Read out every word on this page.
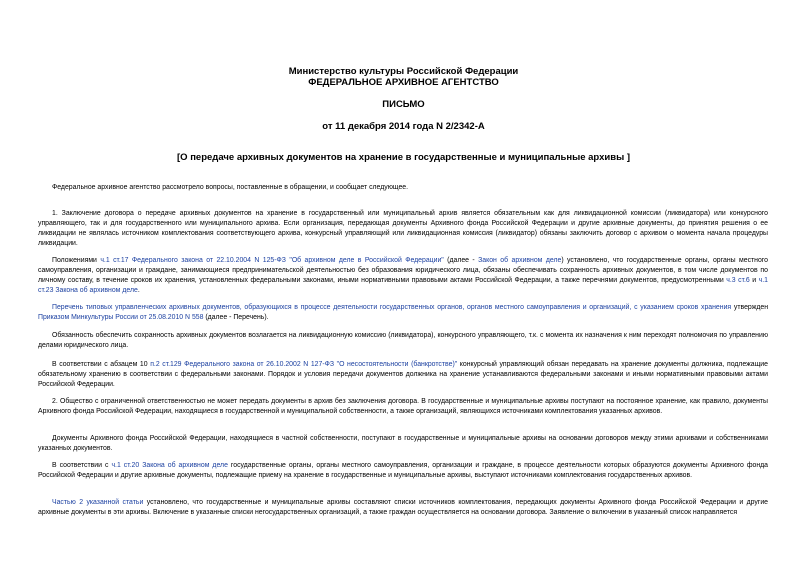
Министерство культуры Российской Федерации
ФЕДЕРАЛЬНОЕ АРХИВНОЕ АГЕНТСТВО
ПИСЬМО
от 11 декабря 2014 года N 2/2342-А
[О передаче архивных документов на хранение в государственные и муниципальные архивы ]

Федеральное архивное агентство рассмотрело вопросы, поставленные в обращении, и сообщает следующее.

1. Заключение договора о передаче архивных документов на хранение в государственный или муниципальный архив является обязательным как для ликвидационной комиссии (ликвидатора) или конкурсного управляющего, так и для государственного или муниципального архива. Если организация, передающая документы Архивного фонда Российской Федерации и другие архивные документы, до принятия решения о ее ликвидации не являлась источником комплектования соответствующего архива, конкурсный управляющий или ликвидационная комиссия (ликвидатор) обязаны заключить договор с архивом о момента начала процедуры ликвидации.

Положениями ч.1 ст.17 Федерального закона от 22.10.2004 N 125-ФЗ "Об архивном деле в Российской Федерации" (далее - Закон об архивном деле) установлено, что государственные органы, органы местного самоуправления, организации и граждане, занимающиеся предпринимательской деятельностью без образования юридического лица, обязаны обеспечивать сохранность архивных документов, в том числе документов по личному составу, в течение сроков их хранения, установленных федеральными законами, иными нормативными правовыми актами Российской Федерации, а также перечнями документов, предусмотренными ч.3 ст.6 и ч.1 ст.23 Закона об архивном деле.

Перечень типовых управленческих архивных документов, образующихся в процессе деятельности государственных органов, органов местного самоуправления и организаций, с указанием сроков хранения утвержден Приказом Минкультуры России от 25.08.2010 N 558 (далее - Перечень).

Обязанность обеспечить сохранность архивных документов возлагается на ликвидационную комиссию (ликвидатора), конкурсного управляющего, т.к. с момента их назначения к ним переходят полномочия по управлению делами юридического лица.

В соответствии с абзацем 10 п.2 ст.129 Федерального закона от 26.10.2002 N 127-ФЗ "О несостоятельности (банкротстве)" конкурсный управляющий обязан передавать на хранение документы должника, подлежащие обязательному хранению в соответствии с федеральными законами. Порядок и условия передачи документов должника на хранение устанавливаются федеральными законами и иными нормативными правовыми актами Российской Федерации.

2. Общество с ограниченной ответственностью не может передать документы в архив без заключения договора. В государственные и муниципальные архивы поступают на постоянное хранение, как правило, документы Архивного фонда Российской Федерации, находящиеся в государственной и муниципальной собственности, а также организаций, являющихся источниками комплектования указанных архивов.

Документы Архивного фонда Российской Федерации, находящиеся в частной собственности, поступают в государственные и муниципальные архивы на основании договоров между этими архивами и собственниками указанных документов.

В соответствии с ч.1 ст.20 Закона об архивном деле государственные органы, органы местного самоуправления, организации и граждане, в процессе деятельности которых образуются документы Архивного фонда Российской Федерации и другие архивные документы, подлежащие приему на хранение в государственные и муниципальные архивы, выступают источниками комплектования государственных архивов.

Частью 2 указанной статьи установлено, что государственные и муниципальные архивы составляют списки источников комплектования, передающих документы Архивного фонда Российской Федерации и другие архивные документы в эти архивы. Включение в указанные списки негосударственных организаций, а также граждан осуществляется на основании договора. Заявление о включении в указанный список направляется
